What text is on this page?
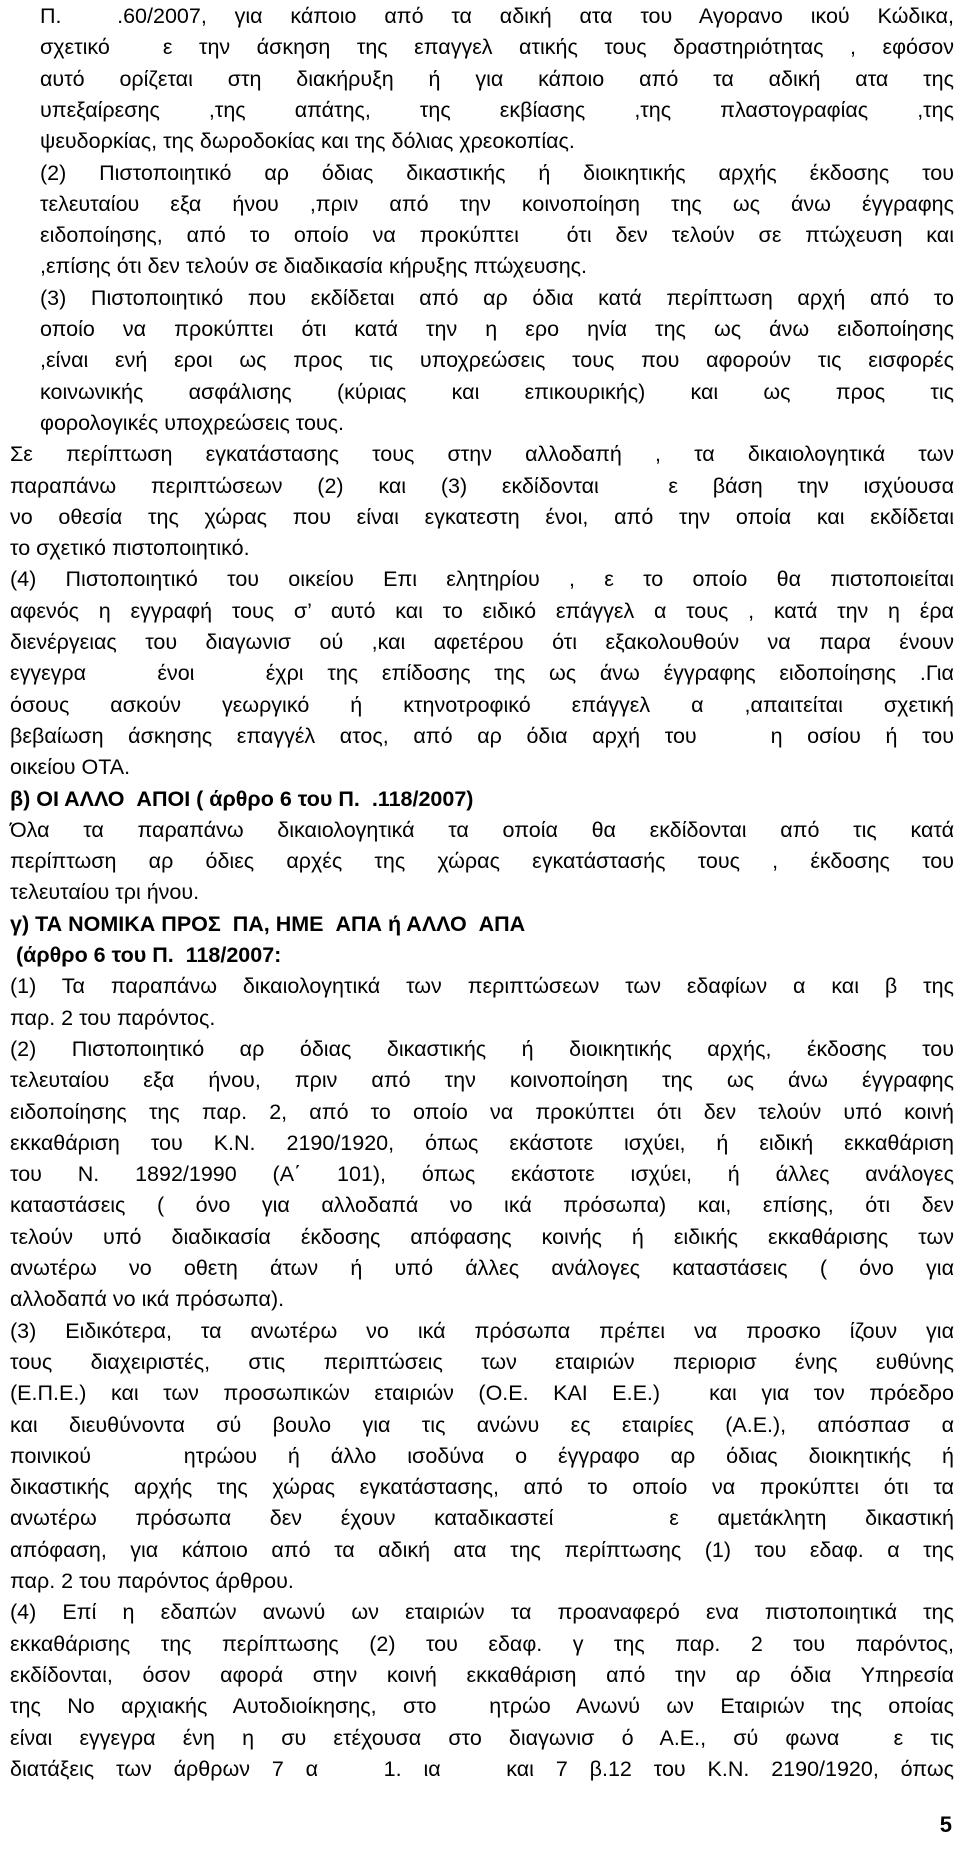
Π.  .60/2007, για κάποιο από τα αδική ατα του Αγορανο ικού Κώδικα,
σχετικό  ε την άσκηση της επαγγελ ατικής τους δραστηριότητας , εφόσον
αυτό ορίζεται στη διακήρυξη ή για κάποιο από τα αδική ατα της
υπεξαίρεσης ,της απάτης, της εκβίασης ,της πλαστογραφίας ,της
ψευδορκίας, της δωροδοκίας και της δόλιας χρεοκοπίας.
(2) Πιστοποιητικό αρ όδιας δικαστικής ή διοικητικής αρχής έκδοσης του
τελευταίου εξα ήνου ,πριν από την κοινοποίηση της ως άνω έγγραφης
ειδοποίησης, από το οποίο να προκύπτει  ότι δεν τελούν σε πτώχευση και
,επίσης ότι δεν τελούν σε διαδικασία κήρυξης πτώχευσης.
(3) Πιστοποιητικό που εκδίδεται από αρ όδια κατά περίπτωση αρχή από το
οποίο να προκύπτει ότι κατά την η ερο ηνία της ως άνω ειδοποίησης
,είναι ενή εροι ως προς τις υποχρεώσεις τους που αφορούν τις εισφορές
κοινωνικής ασφάλισης (κύριας και επικουρικής) και ως προς τις
φορολογικές υποχρεώσεις τους.
Σε περίπτωση εγκατάστασης τους στην αλλοδαπή , τα δικαιολογητικά των
παραπάνω περιπτώσεων (2) και (3) εκδίδονται  ε βάση την ισχύουσα
νο οθεσία της χώρας που είναι εγκατεστη ένοι, από την οποία και εκδίδεται
το σχετικό πιστοποιητικό.
(4) Πιστοποιητικό του οικείου Επι ελητηρίου , ε το οποίο θα πιστοποιείται
αφενός η εγγραφή τους σ’ αυτό και το ειδικό επάγγελ α τους , κατά την η έρα
διενέργειας του διαγωνισ ού ,και αφετέρου ότι εξακολουθούν να παρα ένουν
εγγεγρα   ένοι   έχρι της επίδοσης της ως άνω έγγραφης ειδοποίησης .Για
όσους ασκούν γεωργικό ή κτηνοτροφικό επάγγελ α ,απαιτείται σχετική
βεβαίωση άσκησης επαγγέλ ατος, από αρ όδια αρχή του   η οσίου ή του
οικείου ΟΤΑ.
β) ΟΙ ΑΛΛΟ  ΑΠΟΙ ( άρθρο 6 του Π.  .118/2007)
Όλα τα παραπάνω δικαιολογητικά τα οποία θα εκδίδονται από τις κατά
περίπτωση αρ όδιες αρχές της χώρας εγκατάστασής τους , έκδοσης του
τελευταίου τρι ήνου.
γ) ΤΑ ΝΟΜΙΚΑ ΠΡΟΣ  ΠΑ, ΗΜΕ  ΑΠΑ ή ΑΛΛΟ  ΑΠΑ
(άρθρο 6 του Π.  118/2007:
(1) Τα παραπάνω δικαιολογητικά των περιπτώσεων των εδαφίων α και β της
παρ. 2 του παρόντος.
(2) Πιστοποιητικό αρ όδιας δικαστικής ή διοικητικής αρχής, έκδοσης του
τελευταίου εξα ήνου, πριν από την κοινοποίηση της ως άνω έγγραφης
ειδοποίησης της παρ. 2, από το οποίο να προκύπτει ότι δεν τελούν υπό κοινή
εκκαθάριση του Κ.Ν. 2190/1920, όπως εκάστοτε ισχύει, ή ειδική εκκαθάριση
του Ν. 1892/1990 (Α΄ 101), όπως εκάστοτε ισχύει, ή άλλες ανάλογες
καταστάσεις ( όνο για αλλοδαπά νο ικά πρόσωπα) και, επίσης, ότι δεν
τελούν υπό διαδικασία έκδοσης απόφασης κοινής ή ειδικής εκκαθάρισης των
ανωτέρω νο οθετη άτων ή υπό άλλες ανάλογες καταστάσεις ( όνο για
αλλοδαπά νο ικά πρόσωπα).
(3) Ειδικότερα, τα ανωτέρω νο ικά πρόσωπα πρέπει να προσκο ίζουν για
τους διαχειριστές, στις περιπτώσεις των εταιριών περιορισ ένης ευθύνης
(Ε.Π.Ε.) και των προσωπικών εταιριών (Ο.Ε. ΚΑΙ Ε.Ε.)  και για τον πρόεδρο
και διευθύνοντα σύ βουλο για τις ανώνυ ες εταιρίες (Α.Ε.), απόσπασ α
ποινικού   ητρώου ή άλλο ισοδύνα ο έγγραφο αρ όδιας διοικητικής ή
δικαστικής αρχής της χώρας εγκατάστασης, από το οποίο να προκύπτει ότι τα
ανωτέρω πρόσωπα δεν έχουν καταδικαστεί   ε αμετάκλητη δικαστική
απόφαση, για κάποιο από τα αδική ατα της περίπτωσης (1) του εδαφ. α της
παρ. 2 του παρόντος άρθρου.
(4) Επί η εδαπών ανωνύ ων εταιριών τα προαναφερό ενα πιστοποιητικά της
εκκαθάρισης της περίπτωσης (2) του εδαφ. γ της παρ. 2 του παρόντος,
εκδίδονται, όσον αφορά στην κοινή εκκαθάριση από την αρ όδια Υπηρεσία
της Νο αρχιακής Αυτοδιοίκησης, στο  ητρώο Ανωνύ ων Εταιριών της οποίας
είναι εγγεγρα ένη η συ ετέχουσα στο διαγωνισ ό Α.Ε., σύ φωνα  ε τις
διατάξεις των άρθρων 7 α   1. ια   και 7 β.12 του Κ.Ν. 2190/1920, όπως
5
